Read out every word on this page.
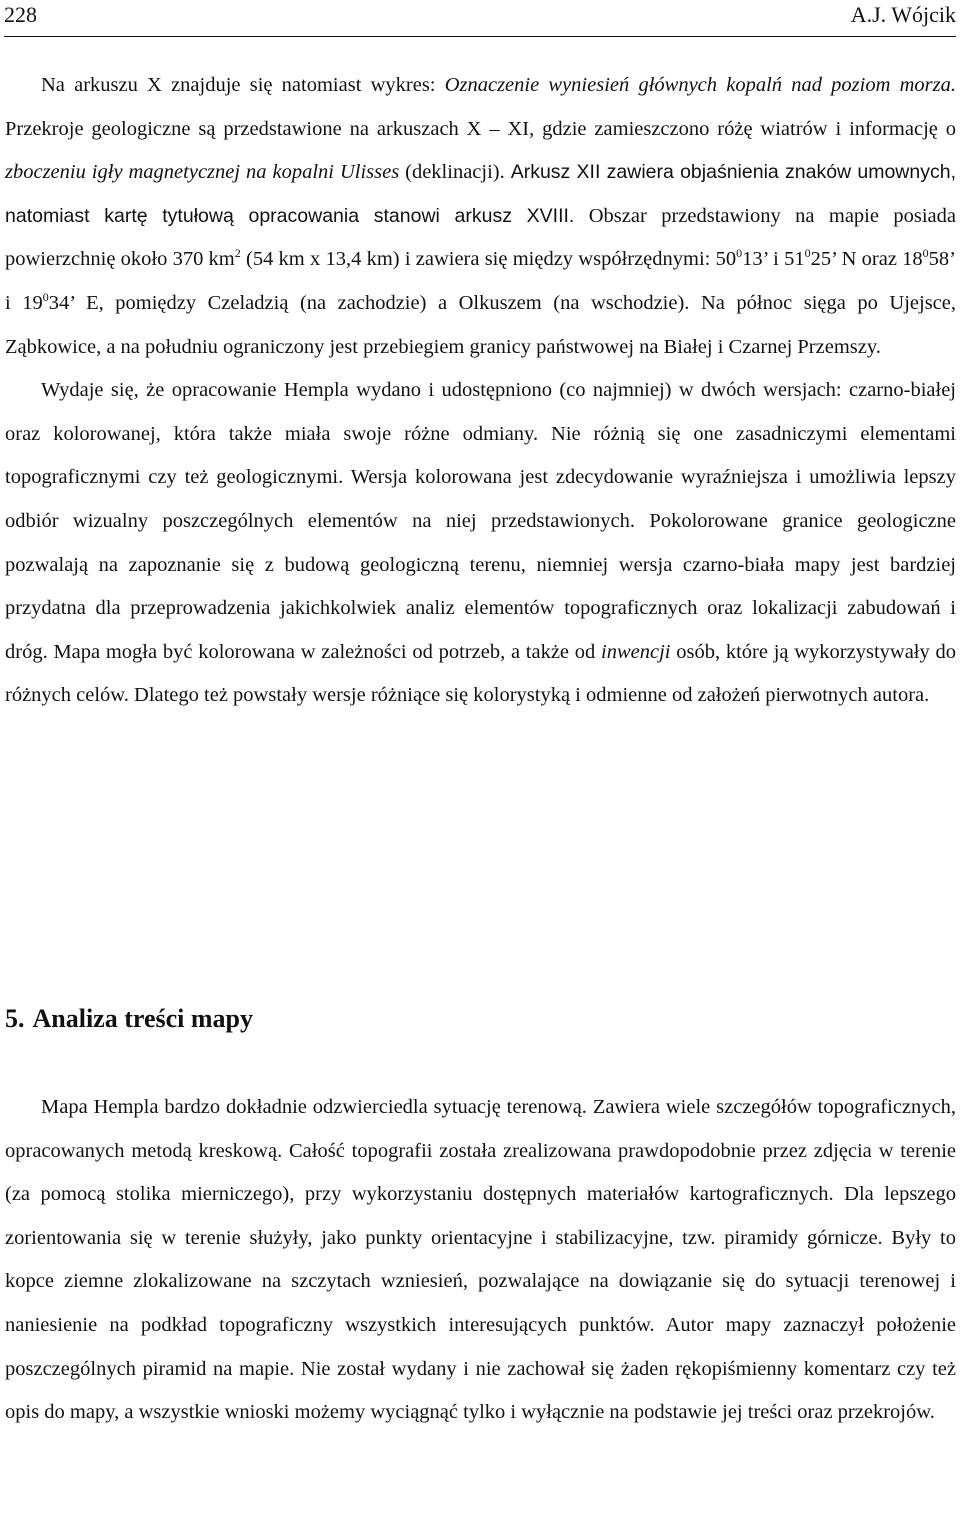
228	A.J. Wójcik

Na arkuszu X znajduje się natomiast wykres: Oznaczenie wyniesień głównych kopalń nad poziom morza. Przekroje geologiczne są przedstawione na arkuszach X – XI, gdzie zamieszczono różę wiatrów i informację o zboczeniu igły magnetycznej na kopalni Ulisses (deklinacji). Arkusz XII zawiera objaśnienia znaków umownych, natomiast kartę tytułową opracowania stanowi arkusz XVIII. Obszar przedstawiony na mapie posiada powierzchnię około 370 $km^2$ (54 km x 13,4 km) i zawiera się między współrzędnymi: $50^013$’ i $51^025$’ N oraz $18^058$’ i $19^034$’ E, pomiędzy Czeladzią (na zachodzie) a Olkuszem (na wschodzie). Na północ sięga po Ujejsce, Ząbkowice, a na południu ograniczony jest przebiegiem granicy państwowej na Białej i Czarnej Przemszy.

Wydaje się, że opracowanie Hempla wydano i udostępniono (co najmniej) w dwóch wersjach: czarno-białej oraz kolorowanej, która także miała swoje różne odmiany. Nie różnią się one zasadniczymi elementami topograficznymi czy też geologicznymi. Wersja kolorowana jest zdecydowanie wyraźniejsza i umożliwia lepszy odbiór wizualny poszczególnych elementów na niej przedstawionych. Pokolorowane granice geologiczne pozwalają na zapoznanie się z budową geologiczną terenu, niemniej wersja czarno-biała mapy jest bardziej przydatna dla przeprowadzenia jakichkolwiek analiz elementów topograficznych oraz lokalizacji zabudowań i dróg. Mapa mogła być kolorowana w zależności od potrzeb, a także od inwencji osób, które ją wykorzystywały do różnych celów. Dlatego też powstały wersje różniące się kolorystyką i odmienne od założeń pierwotnych autora.

5. Analiza treści mapy

Mapa Hempla bardzo dokładnie odzwierciedla sytuację terenową. Zawiera wiele szczegółów topograficznych, opracowanych metodą kreskową. Całość topografii została zrealizowana prawdopodobnie przez zdjęcia w terenie (za pomocą stolika mierniczego), przy wykorzystaniu dostępnych materiałów kartograficznych. Dla lepszego zorientowania się w terenie służyły, jako punkty orientacyjne i stabilizacyjne, tzw. piramidy górnicze. Były to kopce ziemne zlokalizowane na szczytach wzniesień, pozwalające na dowiązanie się do sytuacji terenowej i naniesienie na podkład topograficzny wszystkich interesujących punktów. Autor mapy zaznaczył położenie poszczególnych piramid na mapie. Nie został wydany i nie zachował się żaden rękopiśmienny komentarz czy też opis do mapy, a wszystkie wnioski możemy wyciągnąć tylko i wyłącznie na podstawie jej treści oraz przekrojów.
